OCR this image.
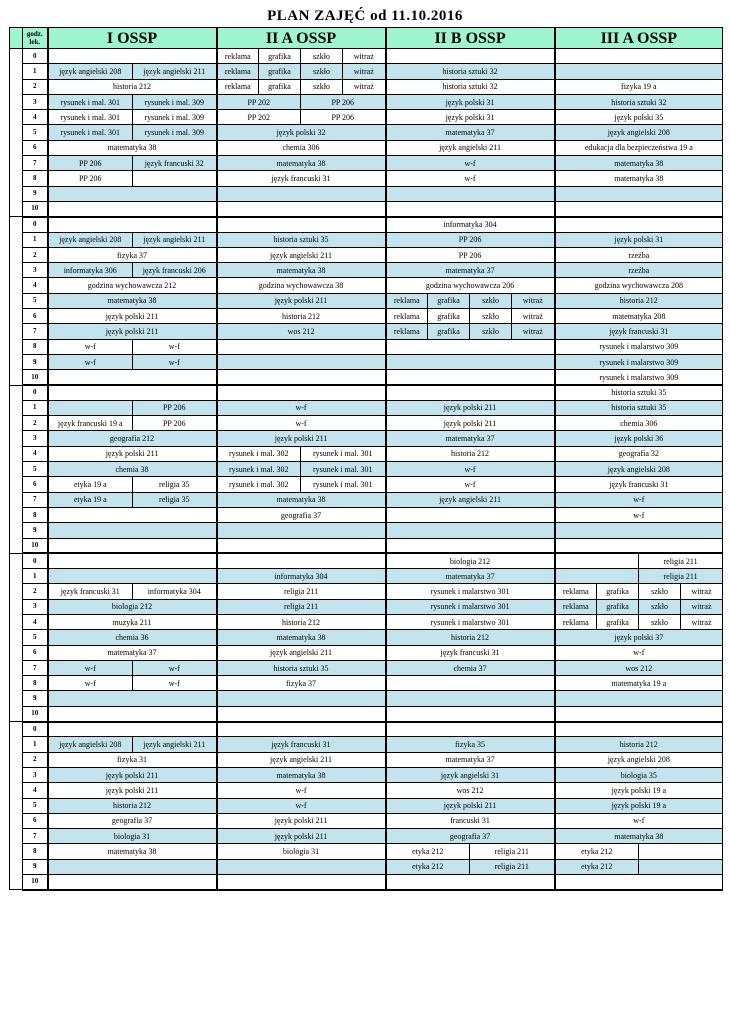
PLAN ZAJĘĆ od 11.10.2016
	godz.
lek.	I OSSP		II A OSSP				II B OSSP				III A OSSP			
	0			reklama	grafika	szkło	witraż								
	1	język angielski 208	język angielski 211	reklama	grafika	szkło	witraż	historia sztuki 32							
	2	historia 212		reklama	grafika	szkło	witraż	historia sztuki 32				fizyka 19 a			
	3	rysunek i mal. 301	rysunek i mal. 309	PP 202		PP 206		język polski 31				historia sztuki 32			
	4	rysunek i mal. 301	rysunek i mal. 309	PP 202		PP 206		język polski 31				język polski 35			
	5	rysunek i mal. 301	rysunek i mal. 309	język polski 32				matematyka 37				język angielski 208			
	6	matematyka 38		chemia 306				język angielski 211				edukacja dla bezpieczeństwa 19 a			
	7	PP 206	język francuski 32	matematyka 38				w-f				matematyka 38			
	8	PP 206		język francuski 31				w-f				matematyka 38			
	9														
	10														
	0							informatyka 304							
	1	język angielski 208	język angielski 211	historia sztuki 35				PP 206				język polski 31			
	2	fizyka 37		język angielski 211				PP 206				rzeźba			
	3	informatyka 306	język francuski 206	matematyka 38				matematyka 37				rzeźba			
	4	godzina wychowawcza 212		godzina wychowawcza 38				godzina wychowawcza 206				godzina wychowawcza 208			
	5	matematyka 38		język polski 211				reklama	grafika	szkło	witraż	historia 212			
	6	język polski 211		historia 212				reklama	grafika	szkło	witraż	matematyka 208			
	7	język polski 211		wos 212				reklama	grafika	szkło	witraż	język francuski 31			
	8	w-f	w-f									rysunek i malarstwo 309			
	9	w-f	w-f									rysunek i malarstwo 309			
	10											rysunek i malarstwo 309			
	0											historia sztuki 35			
	1		PP 206	w-f				język polski 211				historia sztuki 35			
	2	język francuski 19 a	PP 206	w-f				język polski 211				chemia 306			
	3	geografia 212		język polski 211				matematyka 37				język polski 36			
	4	język polski 211		rysunek i mal. 302		rysunek i mal. 301		historia 212				geografia 32			
	5	chemia 38		rysunek i mal. 302		rysunek i mal. 301		w-f				język angielski 208			
	6	etyka 19 a	religia 35	rysunek i mal. 302		rysunek i mal. 301		w-f				język francuski 31			
	7	etyka 19 a	religia 35	matematyka 38				język angielski 211				w-f			
	8			geografia 37								w-f			
	9														
	10														
	0							biologia 212						religia 211	
	1			informatyka 304				matematyka 37						religia 211	
	2	język francuski 31	informatyka 304	religia 211				rysunek i malarstwo 301				reklama	grafika	szkło	witraż
	3	biologia 212		religia 211				rysunek i malarstwo 301				reklama	grafika	szkło	witraż
	4	muzyka 211		historia 212				rysunek i malarstwo 301				reklama	grafika	szkło	witraż
	5	chemia 36		matematyka 38				historia 212				język polski 37			
	6	matematyka 37		język angielski 211				język francuski 31				w-f			
	7	w-f	w-f	historia sztuki 35				chemia 37				wos 212			
	8	w-f	w-f	fizyka 37								matematyka 19 a			
	9														
	10														
	0														
	1	język angielski 208	język angielski 211	język francuski 31				fizyka 35				historia 212			
	2	fizyka 31		język angielski 211				matematyka 37				język angielski 208			
	3	język polski 211		matematyka 38				język angielski 31				biologia 35			
	4	język polski 211		w-f				wos 212				język polski 19 a			
	5	historia 212		w-f				język polski 211				język polski 19 a			
	6	geografia 37		język polski 211				francuski 31				w-f			
	7	biologia 31		język polski 211				geografia 37				matematyka 38			
	8	matematyka 38		biologia 31				etyka 212		religia 211		etyka 212			
	9							etyka 212		religia 211		etyka 212			
	10														
